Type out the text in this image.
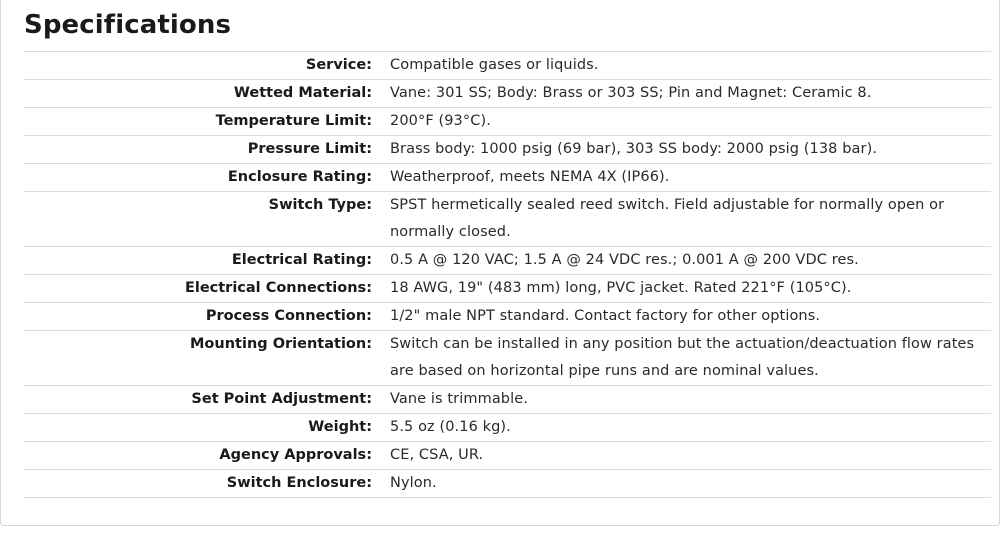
Specifications
Service:	Compatible gases or liquids.
Wetted Material:	Vane: 301 SS; Body: Brass or 303 SS; Pin and Magnet: Ceramic 8.
Temperature Limit:	200°F (93°C).
Pressure Limit:	Brass body: 1000 psig (69 bar), 303 SS body: 2000 psig (138 bar).
Enclosure Rating:	Weatherproof, meets NEMA 4X (IP66).
Switch Type:	SPST hermetically sealed reed switch. Field adjustable for normally open or normally closed.
Electrical Rating:	0.5 A @ 120 VAC; 1.5 A @ 24 VDC res.; 0.001 A @ 200 VDC res.
Electrical Connections:	18 AWG, 19" (483 mm) long, PVC jacket. Rated 221°F (105°C).
Process Connection:	1/2" male NPT standard. Contact factory for other options.
Mounting Orientation:	Switch can be installed in any position but the actuation/deactuation flow rates are based on horizontal pipe runs and are nominal values.
Set Point Adjustment:	Vane is trimmable.
Weight:	5.5 oz (0.16 kg).
Agency Approvals:	CE, CSA, UR.
Switch Enclosure:	Nylon.
